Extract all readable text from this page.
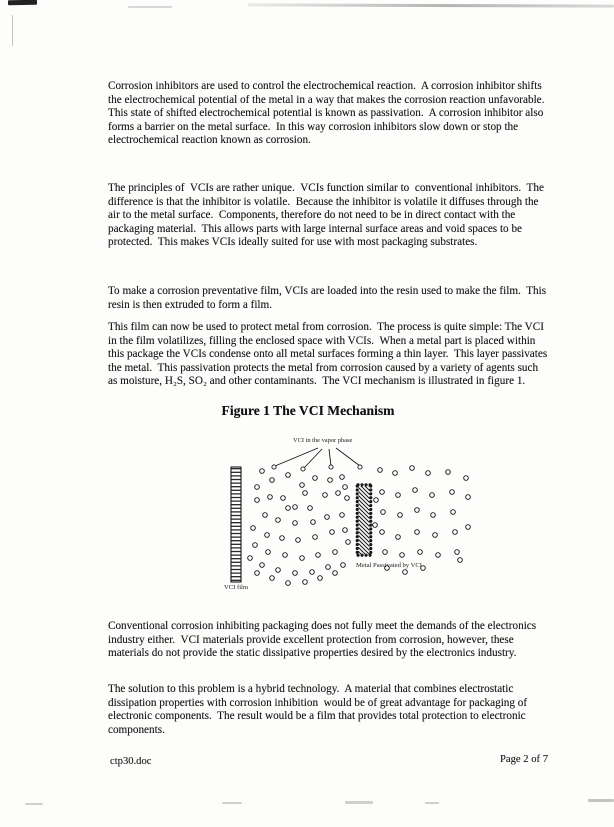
Corrosion inhibitors are used to control the electrochemical reaction.  A corrosion inhibitor shifts the electrochemical potential of the metal in a way that makes the corrosion reaction unfavorable.  This state of shifted electrochemical potential is known as passivation.  A corrosion inhibitor also forms a barrier on the metal surface.  In this way corrosion inhibitors slow down or stop the electrochemical reaction known as corrosion.

The principles of  VCIs are rather unique.  VCIs function similar to  conventional inhibitors.  The difference is that the inhibitor is volatile.  Because the inhibitor is volatile it diffuses through the air to the metal surface.  Components, therefore do not need to be in direct contact with the packaging material.  This allows parts with large internal surface areas and void spaces to be protected.  This makes VCIs ideally suited for use with most packaging substrates.

To make a corrosion preventative film, VCIs are loaded into the resin used to make the film.  This resin is then extruded to form a film.

This film can now be used to protect metal from corrosion.  The process is quite simple: The VCI in the film volatilizes, filling the enclosed space with VCIs.  When a metal part is placed within this package the VCIs condense onto all metal surfaces forming a thin layer.  This layer passivates the metal.  This passivation protects the metal from corrosion caused by a variety of agents such as moisture, H₂S, SO₂ and other contaminants.  The VCI mechanism is illustrated in figure 1.

Figure 1 The VCI Mechanism
VCI in the vapor phase
VCI film
Metal Passivated by VCI

Conventional corrosion inhibiting packaging does not fully meet the demands of the electronics industry either.  VCI materials provide excellent protection from corrosion, however, these materials do not provide the static dissipative properties desired by the electronics industry.

The solution to this problem is a hybrid technology.  A material that combines electrostatic dissipation properties with corrosion inhibition  would be of great advantage for packaging of electronic components.  The result would be a film that provides total protection to electronic components.

ctp30.doc	Page 2 of 7
